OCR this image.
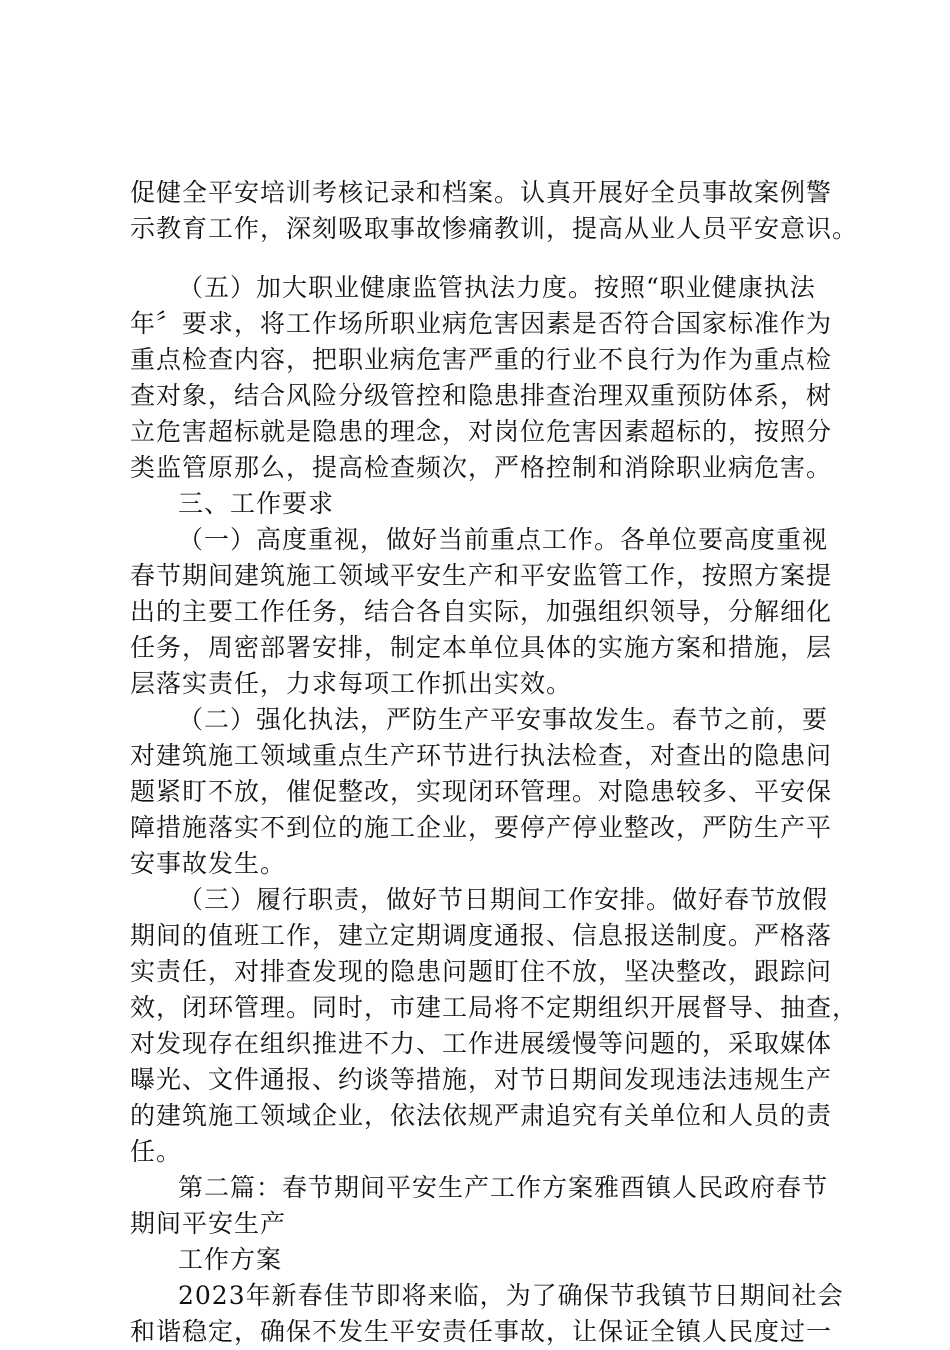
促健全平安培训考核记录和档案。认真开展好全员事故案例警
示教育工作，深刻吸取事故惨痛教训，提高从业人员平安意识。
（五）加大职业健康监管执法力度。按照“职业健康执法
年〞要求，将工作场所职业病危害因素是否符合国家标准作为
重点检查内容，把职业病危害严重的行业不良行为作为重点检
查对象，结合风险分级管控和隐患排查治理双重预防体系，树
立危害超标就是隐患的理念，对岗位危害因素超标的，按照分
类监管原那么，提高检查频次，严格控制和消除职业病危害。
三、工作要求
（一）高度重视，做好当前重点工作。各单位要高度重视
春节期间建筑施工领域平安生产和平安监管工作，按照方案提
出的主要工作任务，结合各自实际，加强组织领导，分解细化
任务，周密部署安排，制定本单位具体的实施方案和措施，层
层落实责任，力求每项工作抓出实效。
（二）强化执法，严防生产平安事故发生。春节之前，要
对建筑施工领域重点生产环节进行执法检查，对查出的隐患问
题紧盯不放，催促整改，实现闭环管理。对隐患较多、平安保
障措施落实不到位的施工企业，要停产停业整改，严防生产平
安事故发生。
（三）履行职责，做好节日期间工作安排。做好春节放假
期间的值班工作，建立定期调度通报、信息报送制度。严格落
实责任，对排查发现的隐患问题盯住不放，坚决整改，跟踪问
效，闭环管理。同时，市建工局将不定期组织开展督导、抽查，
对发现存在组织推进不力、工作进展缓慢等问题的，采取媒体
曝光、文件通报、约谈等措施，对节日期间发现违法违规生产
的建筑施工领域企业，依法依规严肃追究有关单位和人员的责
任。
第二篇：春节期间平安生产工作方案雅酉镇人民政府春节
期间平安生产
工作方案
2023年新春佳节即将来临，为了确保节我镇节日期间社会
和谐稳定，确保不发生平安责任事故，让保证全镇人民度过一
